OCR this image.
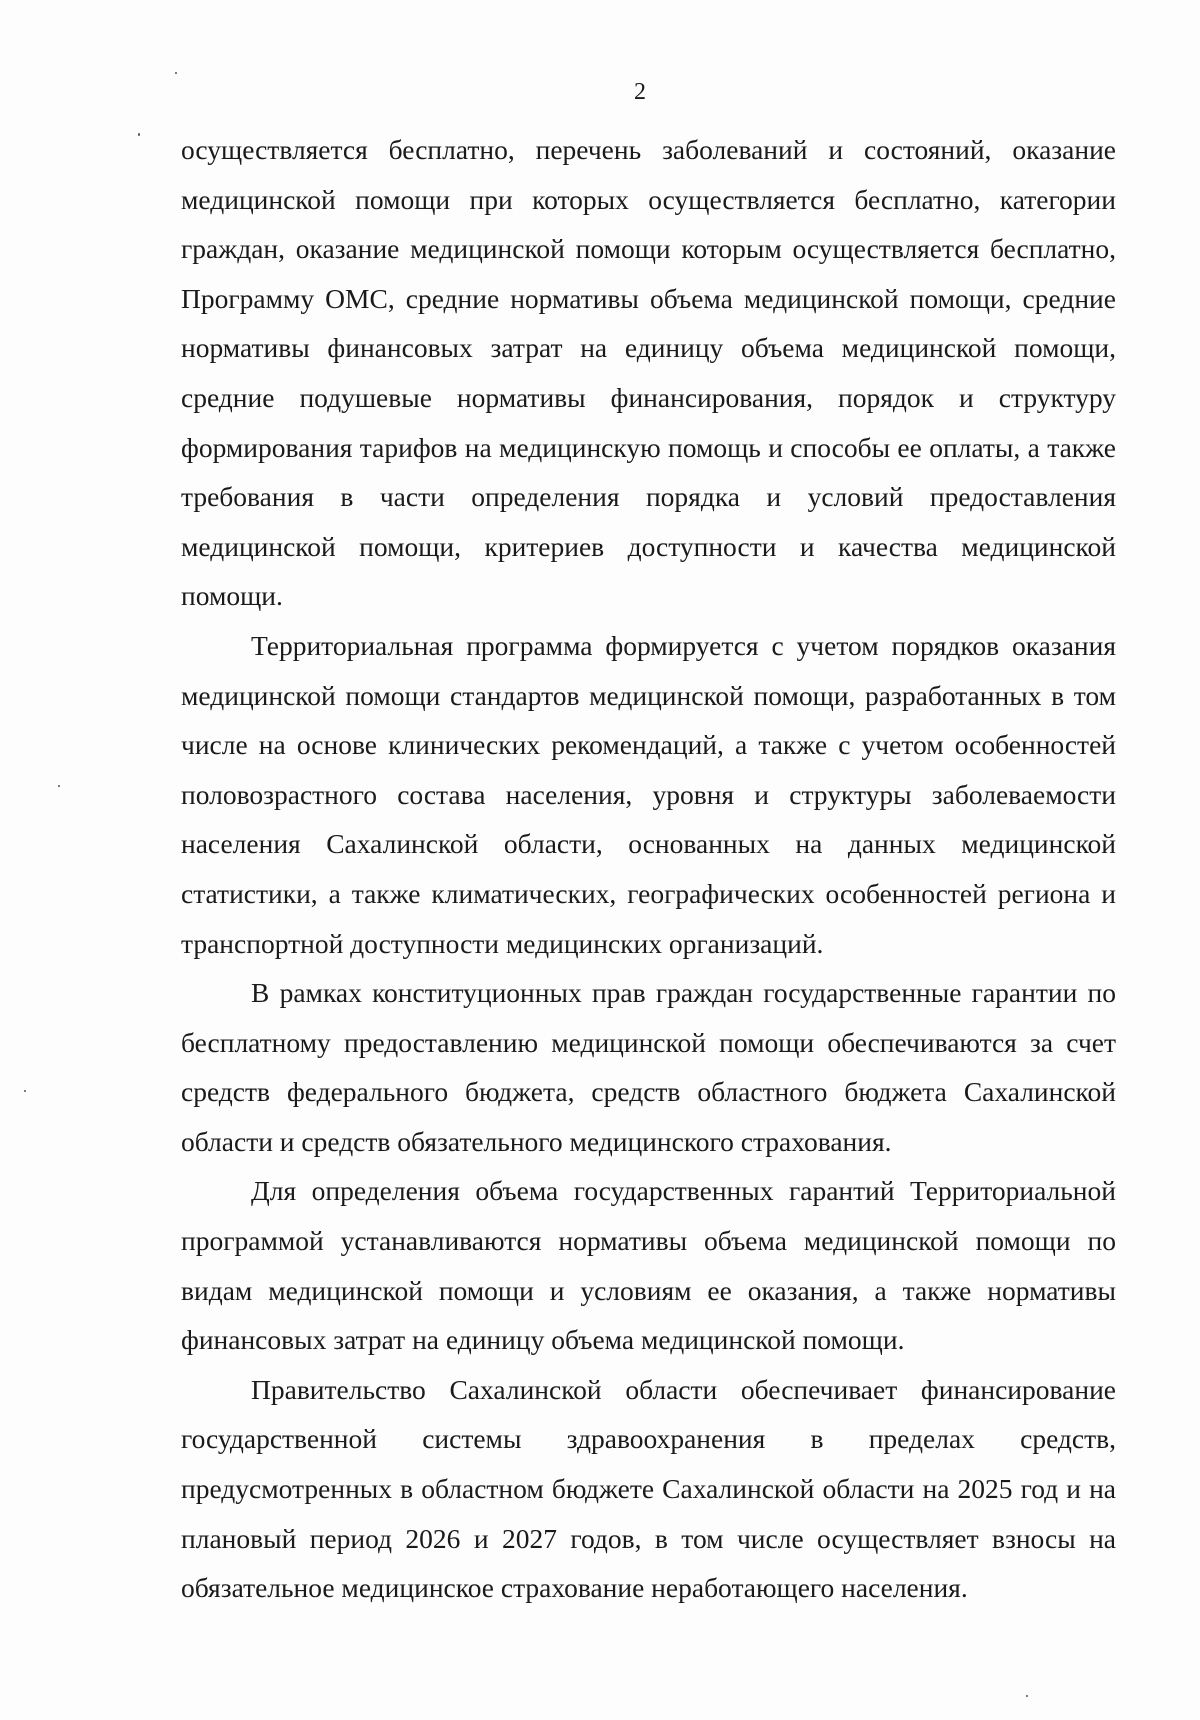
2

осуществляется бесплатно, перечень заболеваний и состояний, оказание медицинской помощи при которых осуществляется бесплатно, категории граждан, оказание медицинской помощи которым осуществляется бесплатно, Программу ОМС, средние нормативы объема медицинской помощи, средние нормативы финансовых затрат на единицу объема медицинской помощи, средние подушевые нормативы финансирования, порядок и структуру формирования тарифов на медицинскую помощь и способы ее оплаты, а также требования в части определения порядка и условий предоставления медицинской помощи, критериев доступности и качества медицинской помощи.

Территориальная программа формируется с учетом порядков оказания медицинской помощи стандартов медицинской помощи, разработанных в том числе на основе клинических рекомендаций, а также с учетом особенностей половозрастного состава населения, уровня и структуры заболеваемости населения Сахалинской области, основанных на данных медицинской статистики, а также климатических, географических особенностей региона и транспортной доступности медицинских организаций.

В рамках конституционных прав граждан государственные гарантии по бесплатному предоставлению медицинской помощи обеспечиваются за счет средств федерального бюджета, средств областного бюджета Сахалинской области и средств обязательного медицинского страхования.

Для определения объема государственных гарантий Территориальной программой устанавливаются нормативы объема медицинской помощи по видам медицинской помощи и условиям ее оказания, а также нормативы финансовых затрат на единицу объема медицинской помощи.

Правительство Сахалинской области обеспечивает финансирование государственной системы здравоохранения в пределах средств, предусмотренных в областном бюджете Сахалинской области на 2025 год и на плановый период 2026 и 2027 годов, в том числе осуществляет взносы на обязательное медицинское страхование неработающего населения.
